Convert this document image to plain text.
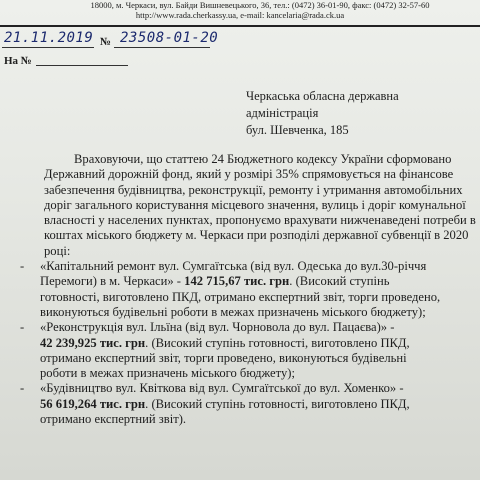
18000, м. Черкаси, вул. Байди Вишневецького, 36, тел.: (0472) 36-01-90, факс: (0472) 32-57-60
http://www.rada.cherkassy.ua, e-mail: kancelaria@rada.ck.ua
21.11.2019 № 23508-01-20
На №
Черкаська обласна державна
адміністрація
бул. Шевченка, 185
Враховуючи, що статтею 24 Бюджетного кодексу України сформовано
Державний дорожній фонд, який у розмірі 35% спрямовується на фінансове
забезпечення будівництва, реконструкції, ремонту і утримання автомобільних
доріг загального користування місцевого значення, вулиць і доріг комунальної
власності у населених пунктах, пропонуємо врахувати нижченаведені потреби в
коштах міського бюджету м. Черкаси при розподілі державної субвенції в 2020
році:
- «Капітальний ремонт вул. Сумгаїтська (від вул. Одеська до вул.30-річчя
Перемоги) в м. Черкаси» - 142 715,67 тис. грн. (Високий ступінь
готовності, виготовлено ПКД, отримано експертний звіт, торги проведено,
виконуються будівельні роботи в межах призначень міського бюджету);
- «Реконструкція вул. Ільїна (від вул. Чорновола до вул. Пацаєва)» -
42 239,925 тис. грн. (Високий ступінь готовності, виготовлено ПКД,
отримано експертний звіт, торги проведено, виконуються будівельні
роботи в межах призначень міського бюджету);
- «Будівництво вул. Квіткова від вул. Сумгаїтської до вул. Хоменко» -
56 619,264 тис. грн. (Високий ступінь готовності, виготовлено ПКД,
отримано експертний звіт).
